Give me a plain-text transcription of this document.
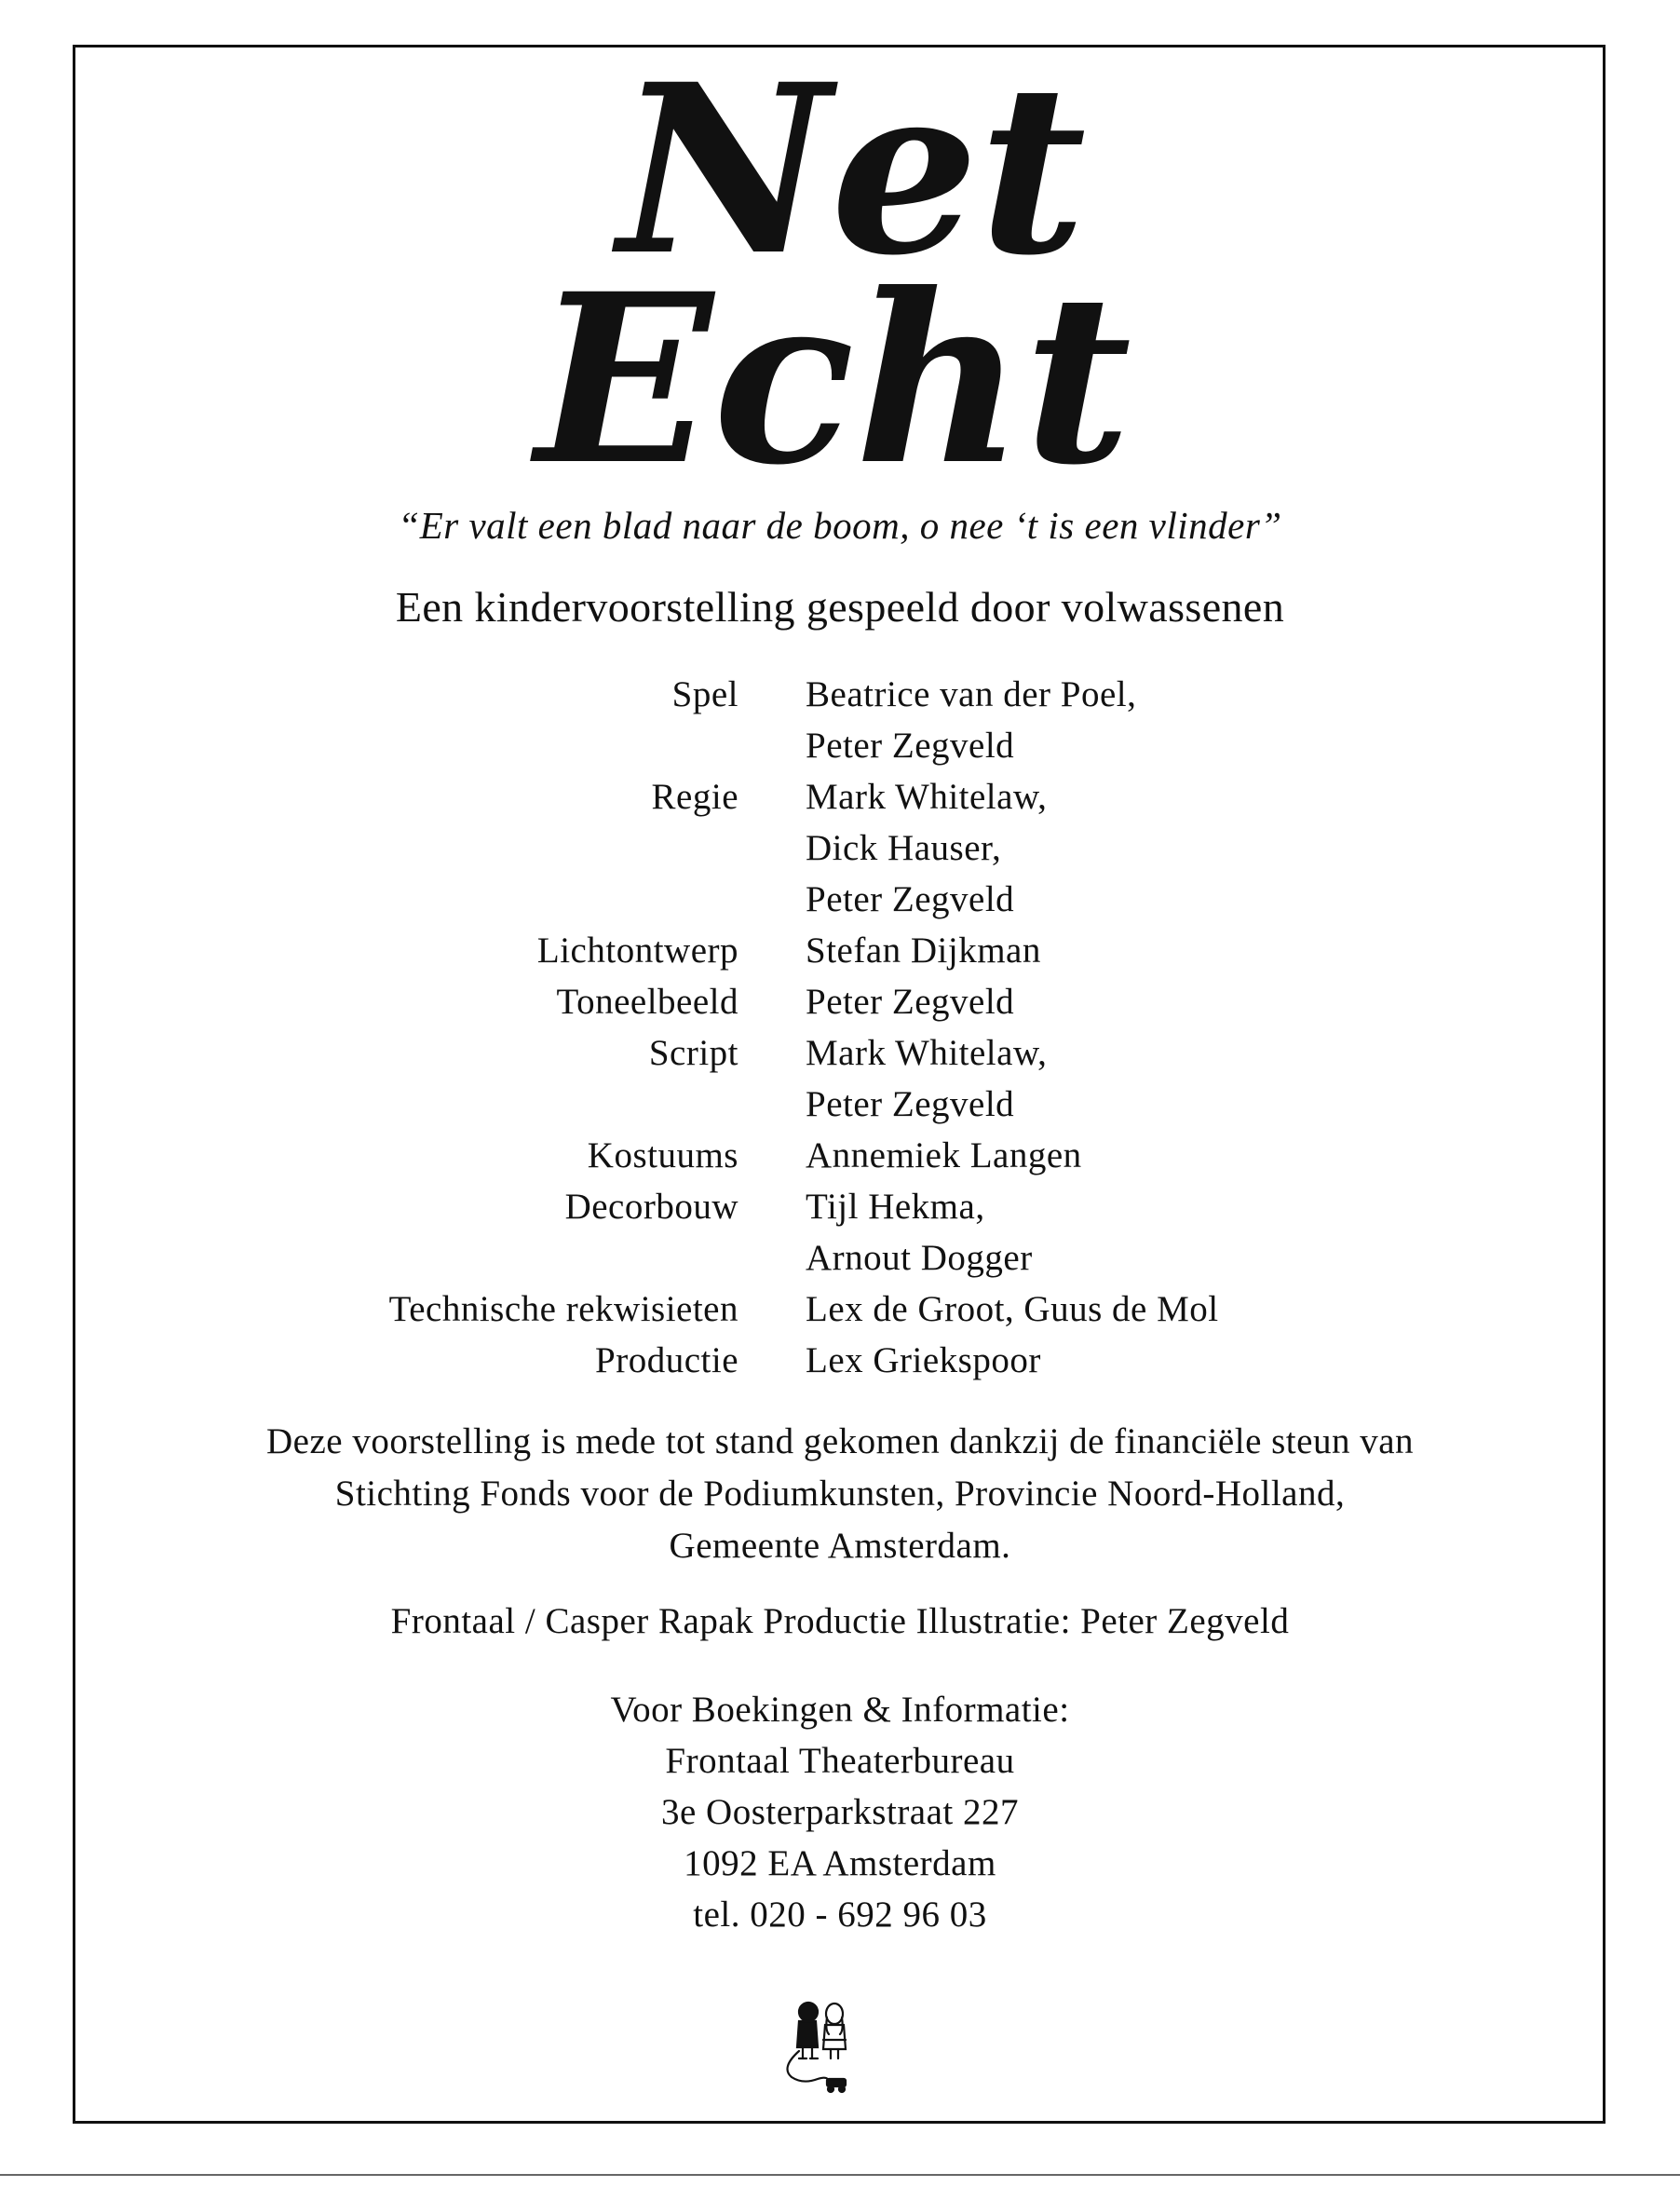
Net
Echt
“Er valt een blad naar de boom, o nee ‘t is een vlinder”
Een kindervoorstelling gespeeld door volwassenen
Spel	Beatrice van der Poel,
Peter Zegveld
Regie	Mark Whitelaw,
Dick Hauser,
Peter Zegveld
Lichtontwerp	Stefan Dijkman
Toneelbeeld	Peter Zegveld
Script	Mark Whitelaw,
Peter Zegveld
Kostuums	Annemiek Langen
Decorbouw	Tijl Hekma,
Arnout Dogger
Technische rekwisieten	Lex de Groot, Guus de Mol
Productie	Lex Griekspoor
Deze voorstelling is mede tot stand gekomen dankzij de financiële steun van
Stichting Fonds voor de Podiumkunsten, Provincie Noord-Holland,
Gemeente Amsterdam.
Frontaal / Casper Rapak Productie Illustratie: Peter Zegveld
Voor Boekingen & Informatie:
Frontaal Theaterbureau
3e Oosterparkstraat 227
1092 EA Amsterdam
tel. 020 - 692 96 03
